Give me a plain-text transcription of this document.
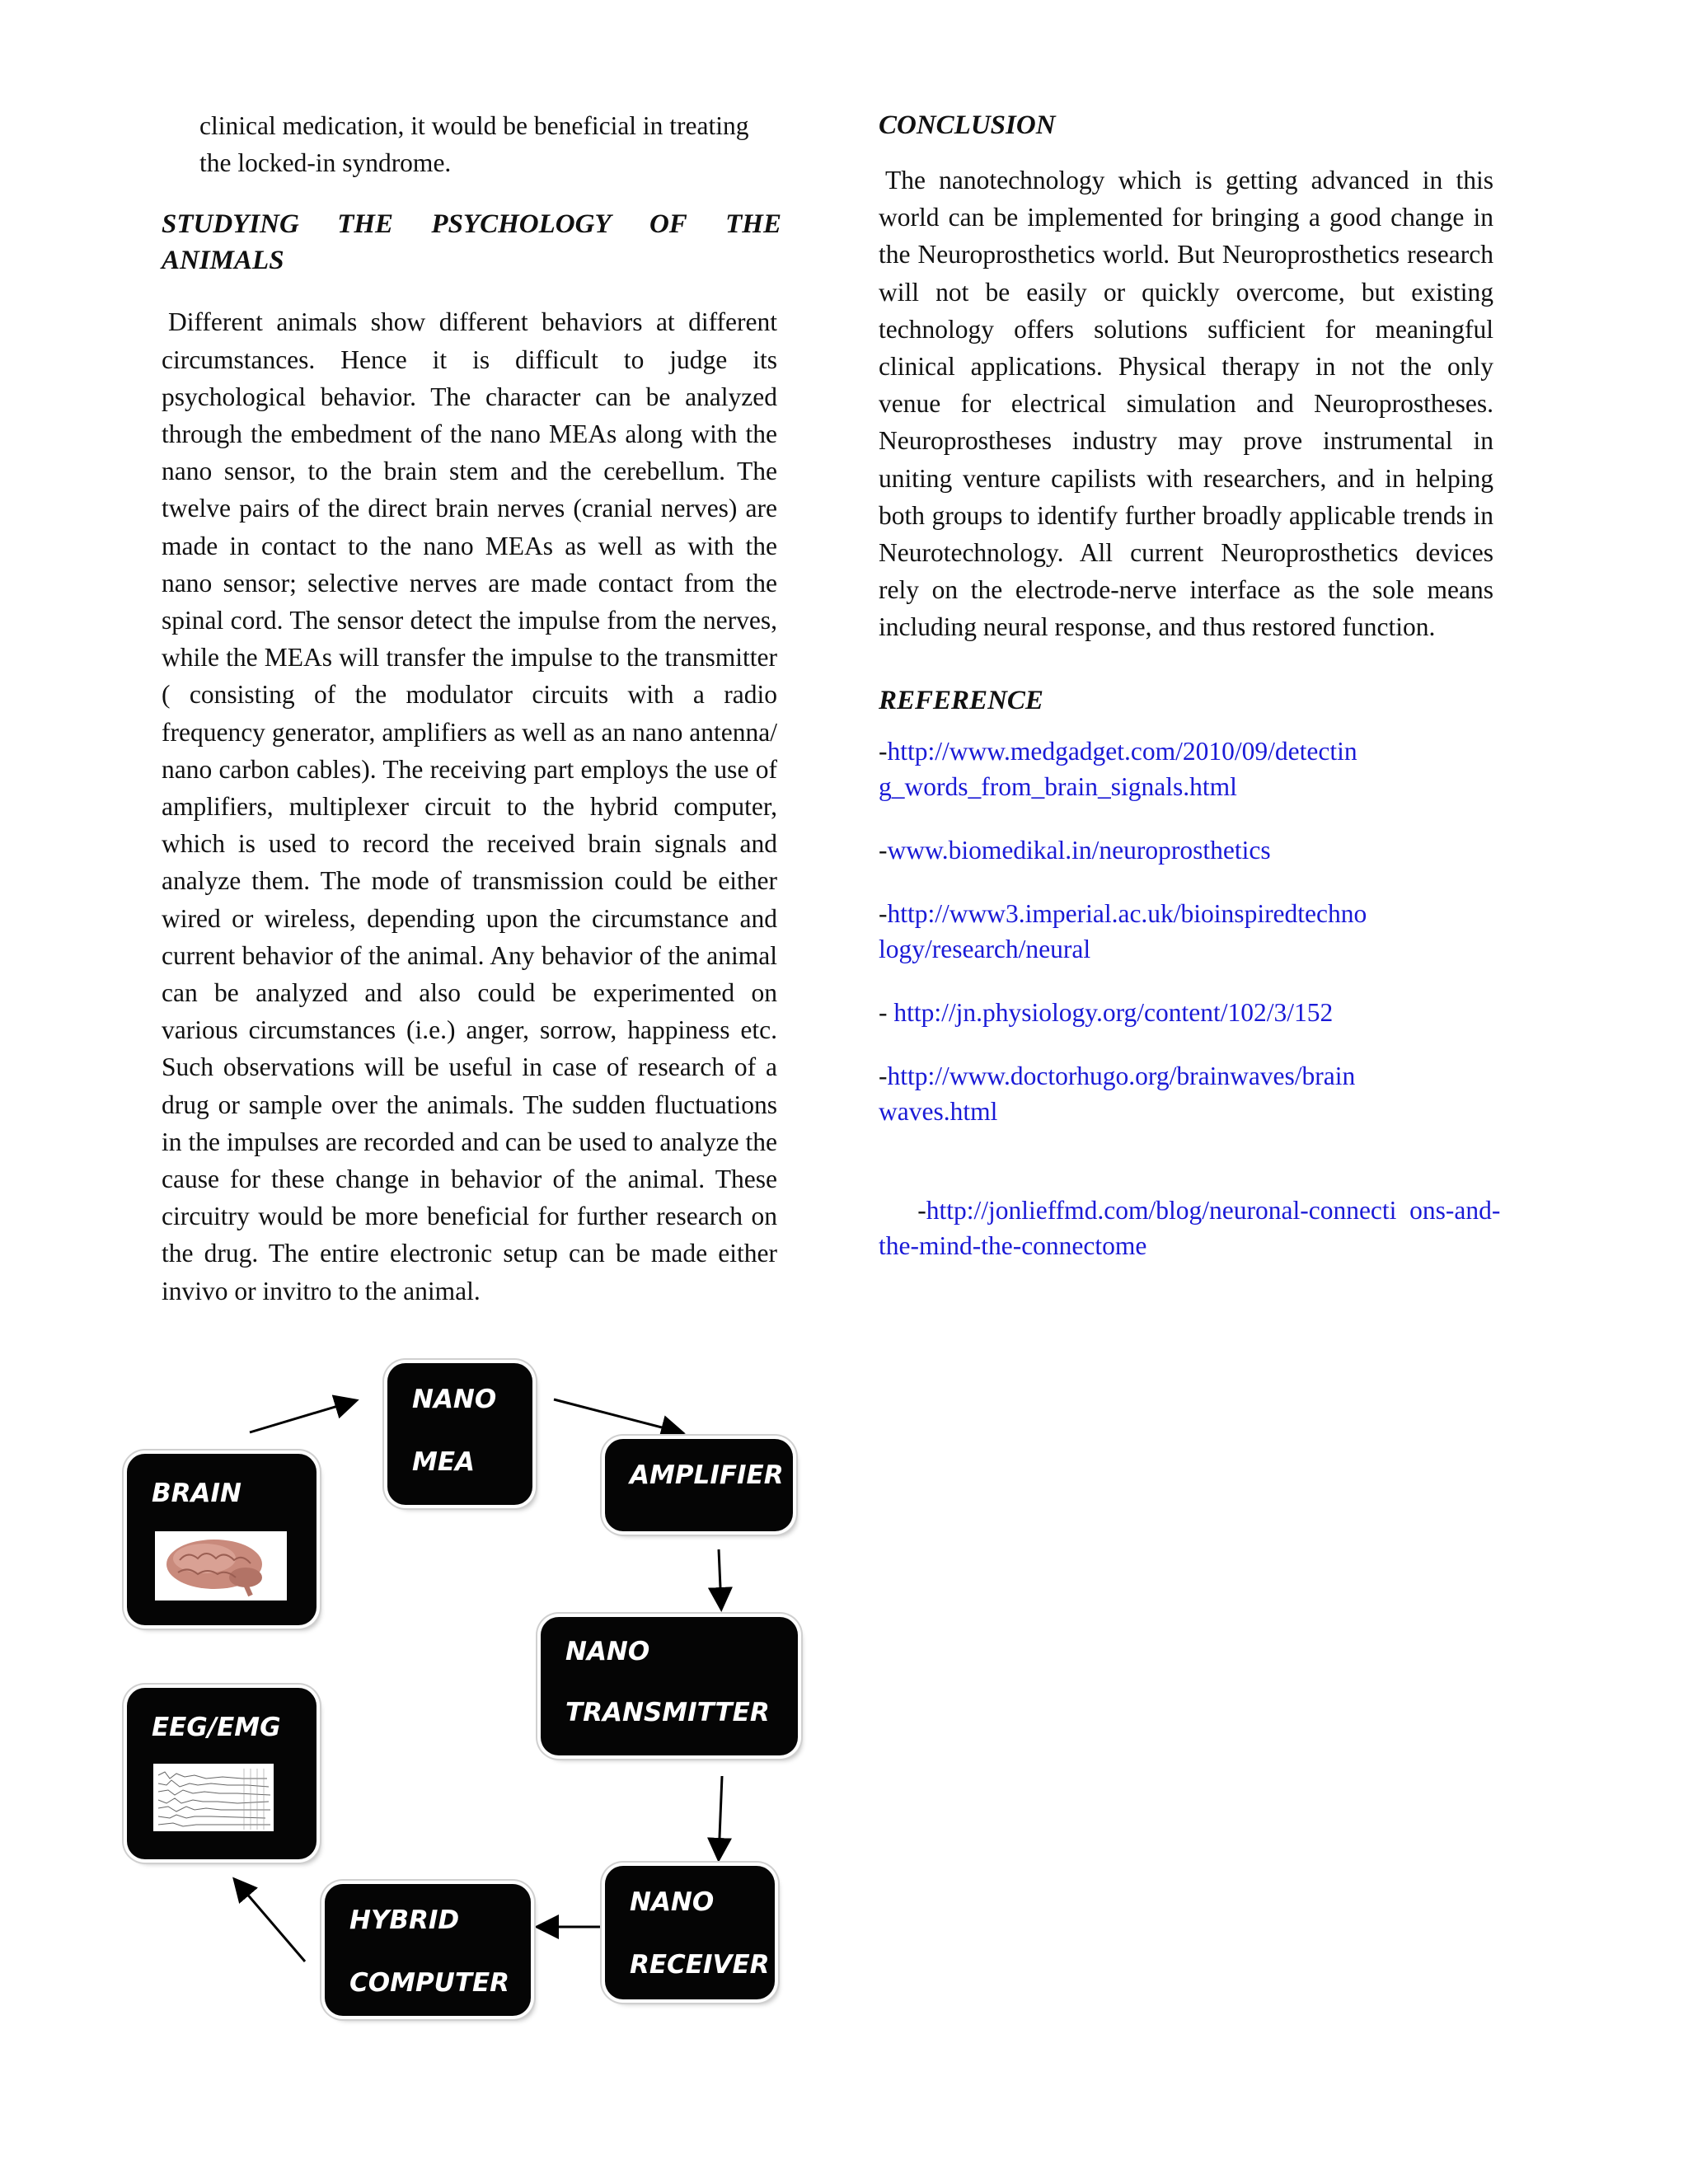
clinical medication, it would be beneficial in treating

the locked-in syndrome.

STUDYING THE PSYCHOLOGY OF THE
ANIMALS

Different animals show different behaviors at different circumstances. Hence it is difficult to judge its psychological behavior. The character can be analyzed through the embedment of the nano MEAs along with the nano sensor, to the brain stem and the cerebellum. The twelve pairs of the direct brain nerves (cranial nerves) are made in contact to the nano MEAs as well as with the nano sensor; selective nerves are made contact from the spinal cord. The sensor detect the impulse from the nerves, while the MEAs will transfer the impulse to the transmitter ( consisting of the modulator circuits with a radio frequency generator, amplifiers as well as an nano antenna/ nano carbon cables). The receiving part employs the use of amplifiers, multiplexer circuit to the hybrid computer, which is used to record the received brain signals and analyze them. The mode of transmission could be either wired or wireless, depending upon the circumstance and current behavior of the animal. Any behavior of the animal can be analyzed and also could be experimented on various circumstances (i.e.) anger, sorrow, happiness etc. Such observations will be useful in case of research of a drug or sample over the animals. The sudden fluctuations in the impulses are recorded and can be used to analyze the cause for these change in behavior of the animal. These circuitry would be more beneficial for further research on the drug. The entire electronic setup can be made either invivo or invitro to the animal.

CONCLUSION

The nanotechnology which is getting advanced in this world can be implemented for bringing a good change in the Neuroprosthetics world. But Neuroprosthetics research will not be easily or quickly overcome, but existing technology offers solutions sufficient for meaningful clinical applications. Physical therapy in not the only venue for electrical simulation and Neuroprostheses. Neuroprostheses industry may prove instrumental in uniting venture capilists with researchers, and in helping both groups to identify further broadly applicable trends in Neurotechnology. All current Neuroprosthetics devices rely on the electrode-nerve interface as the sole means including neural response, and thus restored function.

REFERENCE
-http://www.medgadget.com/2010/09/detectin
g_words_from_brain_signals.html
-www.biomedikal.in/neuroprosthetics
-http://www3.imperial.ac.uk/bioinspiredtechno
logy/research/neural
- http://jn.physiology.org/content/102/3/152
-http://www.doctorhugo.org/brainwaves/brain
waves.html

-http://jonlieffmd.com/blog/neuronal-connecti  ons-and-
the-mind-the-connectome

BRAIN
NANO
MEA	AMPLIFIER
NANO
TRANSMITTER
EEG/EMG
HYBRID
COMPUTER
NANO
RECEIVER
